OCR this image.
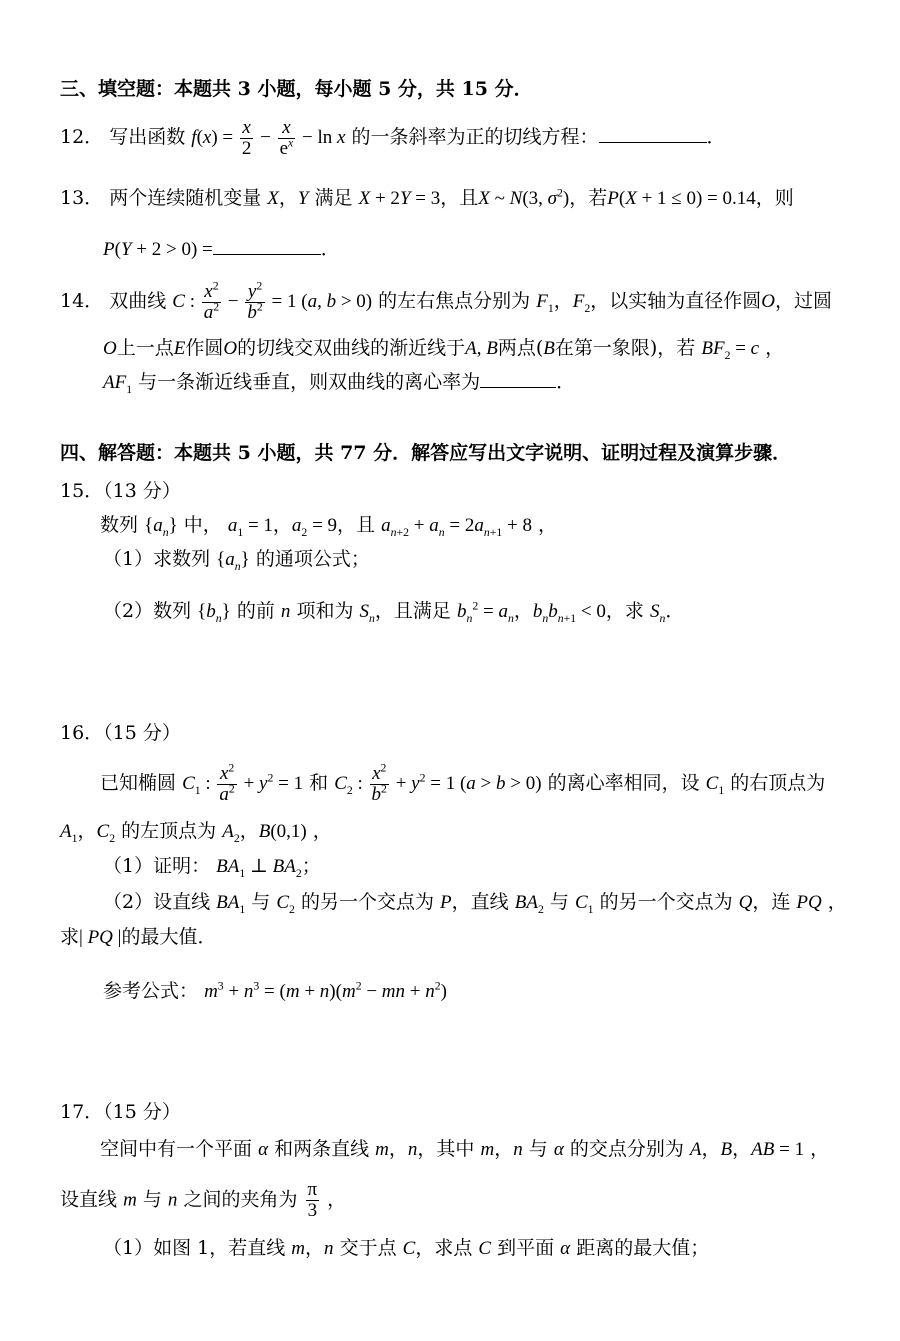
三、填空题：本题共 3 小题，每小题 5 分，共 15 分．
12． 写出函数 $f(x) = \frac{x}{2} - \frac{x}{e^x} - \ln x$ 的一条斜率为正的切线方程：	．
13． 两个连续随机变量 X，Y 满足 X + 2Y = 3，且X ~ N(3, $\sigma^2$)，若P(X + 1 ≤ 0) = 0.14，则
P(Y + 2 > 0) =	．
14． 双曲线 C : $\frac{x^2}{a^2} - \frac{y^2}{b^2} = 1$ (a, b > 0) 的左右焦点分别为 $F_1$，$F_2$，以实轴为直径作圆O，过圆
O上一点E作圆O的切线交双曲线的渐近线于A, B两点(B在第一象限)，若 $BF_2 = c$ ，
$AF_1$ 与一条渐近线垂直，则双曲线的离心率为	．
四、解答题：本题共 5 小题，共 77 分．解答应写出文字说明、证明过程及演算步骤．
15．（13 分）
数列 $\{a_n\}$ 中， $a_1 = 1$，$a_2 = 9$，且 $a_{n+2} + a_n = 2a_{n+1} + 8$ ，
（1）求数列 $\{a_n\}$ 的通项公式；
（2）数列 $\{b_n\}$ 的前 n 项和为 $S_n$，且满足 $b_n^2 = a_n$，$b_nb_{n+1} < 0$，求 $S_n$．
16．（15 分）
已知椭圆 $C_1$ : $\frac{x^2}{a^2} + y^2 = 1$ 和 $C_2$ : $\frac{x^2}{b^2} + y^2 = 1$ (a > b > 0) 的离心率相同，设 $C_1$ 的右顶点为
$A_1$，$C_2$ 的左顶点为 $A_2$，B(0,1) ，
（1）证明： $BA_1$ ⊥ $BA_2$；
（2）设直线 $BA_1$ 与 $C_2$ 的另一个交点为 P，直线 $BA_2$ 与 $C_1$ 的另一个交点为 Q，连 PQ ，
求| PQ |的最大值．
参考公式： $m^3 + n^3 = (m + n)(m^2$ − mn + $n^2$)
17．（15 分）
空间中有一个平面 α 和两条直线 m，n，其中 m，n 与 α 的交点分别为 A，B，AB = 1 ，
设直线 m 与 n 之间的夹角为 $\frac{\pi}{3}$ ，
（1）如图 1，若直线 m，n 交于点 C，求点 C 到平面 α 距离的最大值；
